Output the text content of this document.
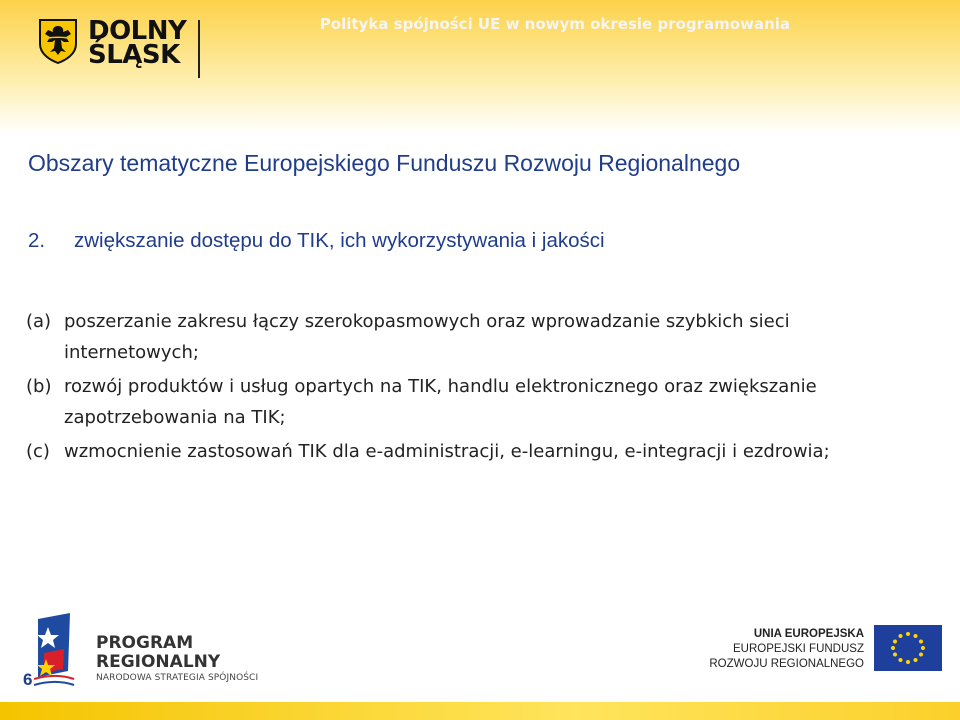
DOLNY
ŚLĄSK
Polityka spójności UE w nowym okresie programowania
Obszary tematyczne Europejskiego Funduszu Rozwoju Regionalnego
2. zwiększanie dostępu do TIK, ich wykorzystywania i jakości
(a) poszerzanie zakresu łączy szerokopasmowych oraz wprowadzanie szybkich sieci internetowych;
(b) rozwój produktów i usług opartych na TIK, handlu elektronicznego oraz zwiększanie zapotrzebowania na TIK;
(c) wzmocnienie zastosowań TIK dla e-administracji, e-learningu, e-integracji i ezdrowia;
6
PROGRAM
REGIONALNY
NARODOWA STRATEGIA SPÓJNOŚCI
UNIA EUROPEJSKA
EUROPEJSKI FUNDUSZ
ROZWOJU REGIONALNEGO
